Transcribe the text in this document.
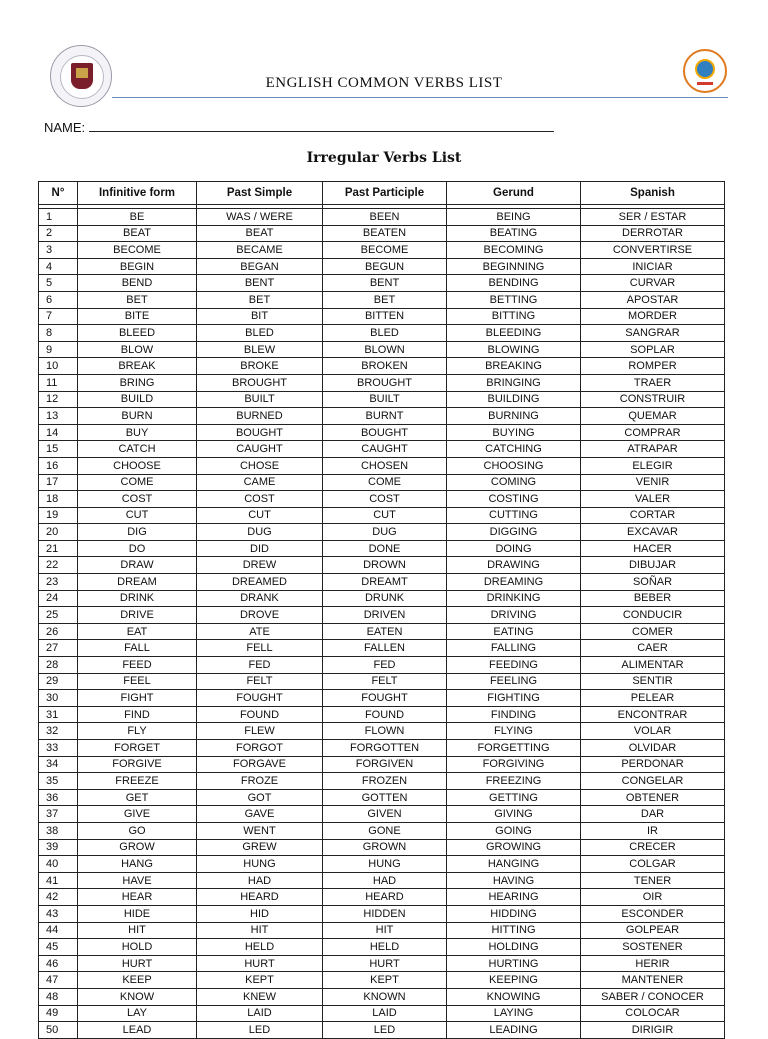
ENGLISH COMMON VERBS LIST
NAME:
Irregular Verbs List
N°	Infinitive form	Past Simple	Past Participle	Gerund	Spanish

1	BE	WAS / WERE	BEEN	BEING	SER / ESTAR
2	BEAT	BEAT	BEATEN	BEATING	DERROTAR
3	BECOME	BECAME	BECOME	BECOMING	CONVERTIRSE
4	BEGIN	BEGAN	BEGUN	BEGINNING	INICIAR
5	BEND	BENT	BENT	BENDING	CURVAR
6	BET	BET	BET	BETTING	APOSTAR
7	BITE	BIT	BITTEN	BITTING	MORDER
8	BLEED	BLED	BLED	BLEEDING	SANGRAR
9	BLOW	BLEW	BLOWN	BLOWING	SOPLAR
10	BREAK	BROKE	BROKEN	BREAKING	ROMPER
11	BRING	BROUGHT	BROUGHT	BRINGING	TRAER
12	BUILD	BUILT	BUILT	BUILDING	CONSTRUIR
13	BURN	BURNED	BURNT	BURNING	QUEMAR
14	BUY	BOUGHT	BOUGHT	BUYING	COMPRAR
15	CATCH	CAUGHT	CAUGHT	CATCHING	ATRAPAR
16	CHOOSE	CHOSE	CHOSEN	CHOOSING	ELEGIR
17	COME	CAME	COME	COMING	VENIR
18	COST	COST	COST	COSTING	VALER
19	CUT	CUT	CUT	CUTTING	CORTAR
20	DIG	DUG	DUG	DIGGING	EXCAVAR
21	DO	DID	DONE	DOING	HACER
22	DRAW	DREW	DROWN	DRAWING	DIBUJAR
23	DREAM	DREAMED	DREAMT	DREAMING	SOÑAR
24	DRINK	DRANK	DRUNK	DRINKING	BEBER
25	DRIVE	DROVE	DRIVEN	DRIVING	CONDUCIR
26	EAT	ATE	EATEN	EATING	COMER
27	FALL	FELL	FALLEN	FALLING	CAER
28	FEED	FED	FED	FEEDING	ALIMENTAR
29	FEEL	FELT	FELT	FEELING	SENTIR
30	FIGHT	FOUGHT	FOUGHT	FIGHTING	PELEAR
31	FIND	FOUND	FOUND	FINDING	ENCONTRAR
32	FLY	FLEW	FLOWN	FLYING	VOLAR
33	FORGET	FORGOT	FORGOTTEN	FORGETTING	OLVIDAR
34	FORGIVE	FORGAVE	FORGIVEN	FORGIVING	PERDONAR
35	FREEZE	FROZE	FROZEN	FREEZING	CONGELAR
36	GET	GOT	GOTTEN	GETTING	OBTENER
37	GIVE	GAVE	GIVEN	GIVING	DAR
38	GO	WENT	GONE	GOING	IR
39	GROW	GREW	GROWN	GROWING	CRECER
40	HANG	HUNG	HUNG	HANGING	COLGAR
41	HAVE	HAD	HAD	HAVING	TENER
42	HEAR	HEARD	HEARD	HEARING	OIR
43	HIDE	HID	HIDDEN	HIDDING	ESCONDER
44	HIT	HIT	HIT	HITTING	GOLPEAR
45	HOLD	HELD	HELD	HOLDING	SOSTENER
46	HURT	HURT	HURT	HURTING	HERIR
47	KEEP	KEPT	KEPT	KEEPING	MANTENER
48	KNOW	KNEW	KNOWN	KNOWING	SABER / CONOCER
49	LAY	LAID	LAID	LAYING	COLOCAR
50	LEAD	LED	LED	LEADING	DIRIGIR
